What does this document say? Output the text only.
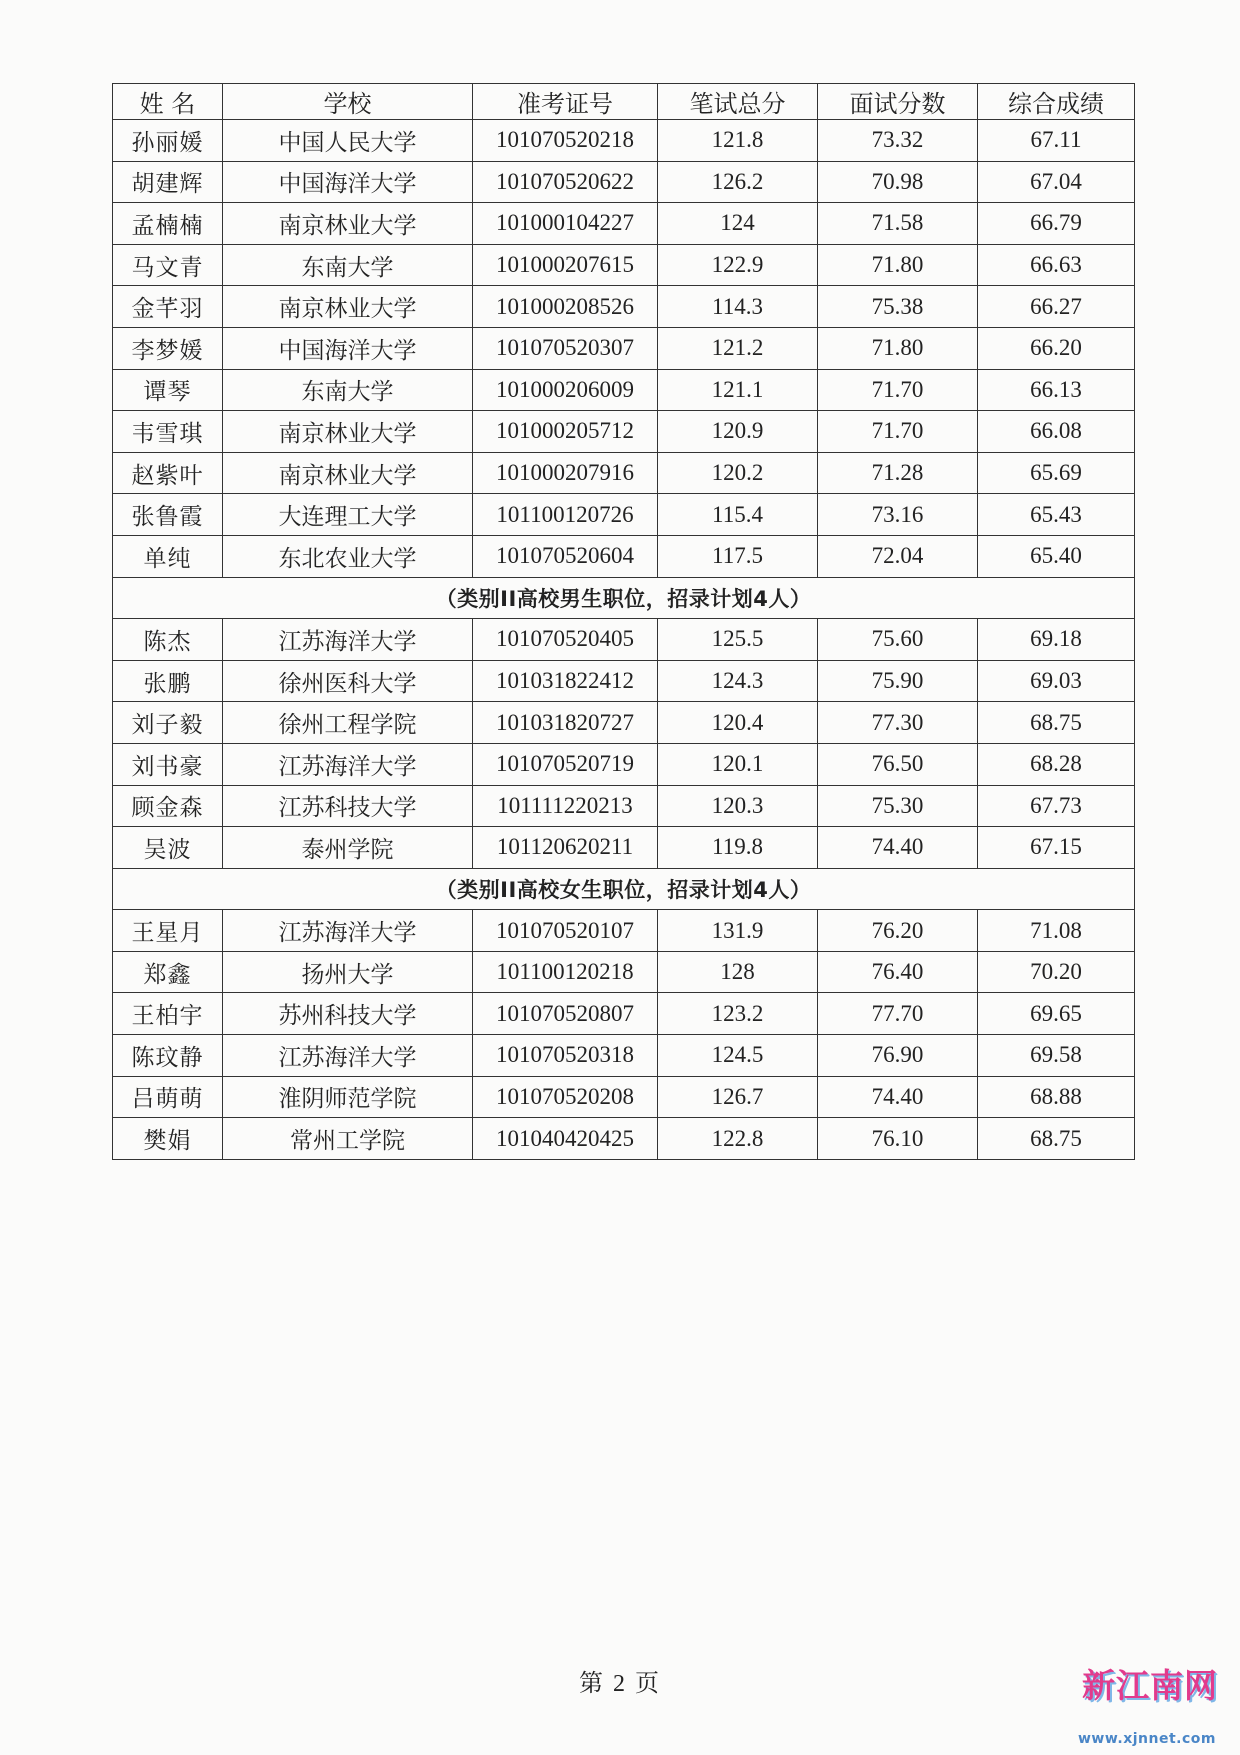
姓 名	学校	准考证号	笔试总分	面试分数	综合成绩
孙丽媛	中国人民大学	101070520218	121.8	73.32	67.11
胡建辉	中国海洋大学	101070520622	126.2	70.98	67.04
孟楠楠	南京林业大学	101000104227	124	71.58	66.79
马文青	东南大学	101000207615	122.9	71.80	66.63
金芊羽	南京林业大学	101000208526	114.3	75.38	66.27
李梦媛	中国海洋大学	101070520307	121.2	71.80	66.20
谭琴	东南大学	101000206009	121.1	71.70	66.13
韦雪琪	南京林业大学	101000205712	120.9	71.70	66.08
赵紫叶	南京林业大学	101000207916	120.2	71.28	65.69
张鲁霞	大连理工大学	101100120726	115.4	73.16	65.43
单纯	东北农业大学	101070520604	117.5	72.04	65.40
（类别II高校男生职位，招录计划4人）					
陈杰	江苏海洋大学	101070520405	125.5	75.60	69.18
张鹏	徐州医科大学	101031822412	124.3	75.90	69.03
刘子毅	徐州工程学院	101031820727	120.4	77.30	68.75
刘书豪	江苏海洋大学	101070520719	120.1	76.50	68.28
顾金森	江苏科技大学	101111220213	120.3	75.30	67.73
吴波	泰州学院	101120620211	119.8	74.40	67.15
（类别II高校女生职位，招录计划4人）					
王星月	江苏海洋大学	101070520107	131.9	76.20	71.08
郑鑫	扬州大学	101100120218	128	76.40	70.20
王柏宇	苏州科技大学	101070520807	123.2	77.70	69.65
陈玟静	江苏海洋大学	101070520318	124.5	76.90	69.58
吕萌萌	淮阴师范学院	101070520208	126.7	74.40	68.88
樊娟	常州工学院	101040420425	122.8	76.10	68.75
第 2 页	新江南网
www.xjnnet.com
